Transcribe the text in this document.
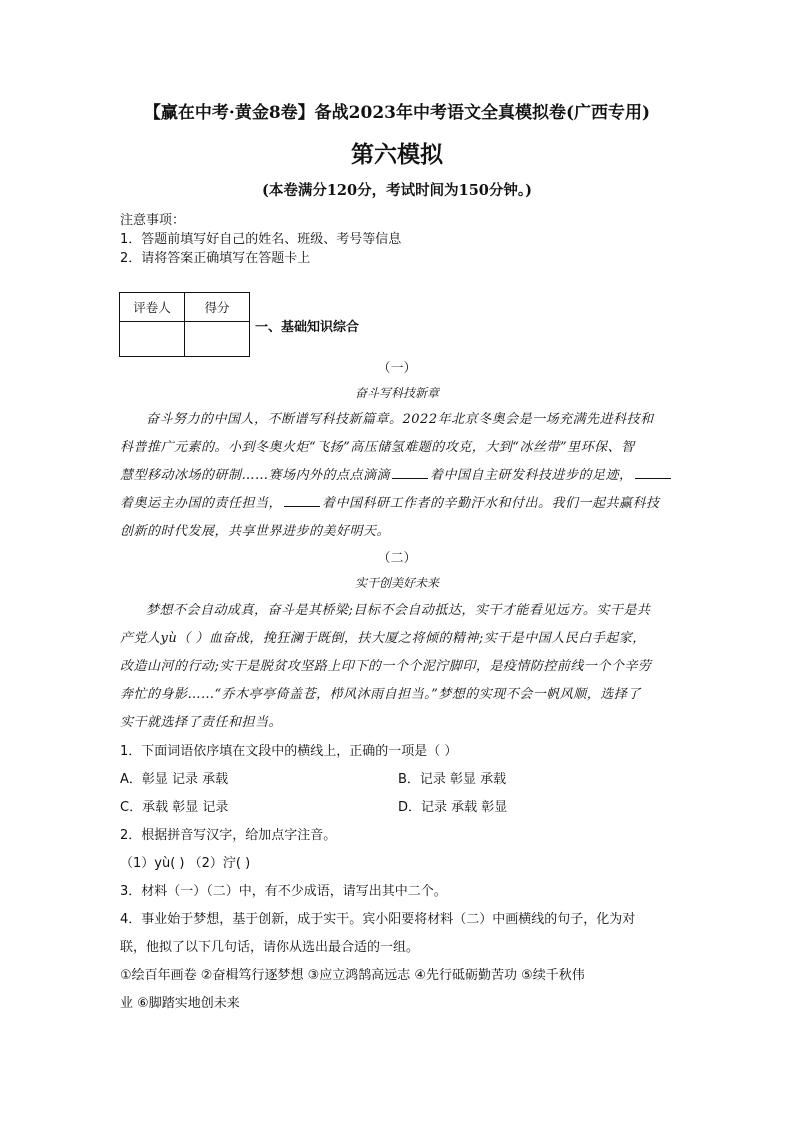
【赢在中考·黄金8卷】备战2023年中考语文全真模拟卷(广西专用)
第六模拟
(本卷满分120分，考试时间为150分钟。)
注意事项：
1．答题前填写好自己的姓名、班级、考号等信息
2．请将答案正确填写在答题卡上
评卷人	得分

一、基础知识综合
（一）
奋斗写科技新章
奋斗努力的中国人，不断谱写科技新篇章。2022年北京冬奥会是一场充满先进科技和
科普推广元素的。小到冬奥火炬“飞扬”高压储氢难题的攻克，大到“冰丝带”里环保、智
慧型移动冰场的研制……赛场内外的点点滴滴	着中国自主研发科技进步的足迹，
着奥运主办国的责任担当，	着中国科研工作者的辛勤汗水和付出。我们一起共赢科技
创新的时代发展，共享世界进步的美好明天。
（二）
实干创美好未来
梦想不会自动成真，奋斗是其桥梁;目标不会自动抵达，实干才能看见远方。实干是共
产党人yù（ ）血奋战，挽狂澜于既倒，扶大厦之将倾的精神;实干是中国人民白手起家，
改造山河的行动;实干是脱贫攻坚路上印下的一个个泥泞脚印，是疫情防控前线一个个辛劳
奔忙的身影……“乔木亭亭倚盖苍，栉风沐雨自担当。”梦想的实现不会一帆风顺，选择了
实干就选择了责任和担当。
1．下面词语依序填在文段中的横线上，正确的一项是（ ）
A．彰显 记录 承载	B．记录 彰显 承载
C．承载 彰显 记录	D．记录 承载 彰显
2．根据拼音写汉字，给加点字注音。
（1）yù( ) （2）泞( )
3．材料（一）（二）中，有不少成语，请写出其中二个。
4．事业始于梦想，基于创新，成于实干。宾小阳要将材料（二）中画横线的句子，化为对
联，他拟了以下几句话，请你从选出最合适的一组。
①绘百年画卷 ②奋楫笃行逐梦想 ③应立鸿鹄高远志 ④先行砥砺勤苦功 ⑤续千秋伟
业 ⑥脚踏实地创未来
